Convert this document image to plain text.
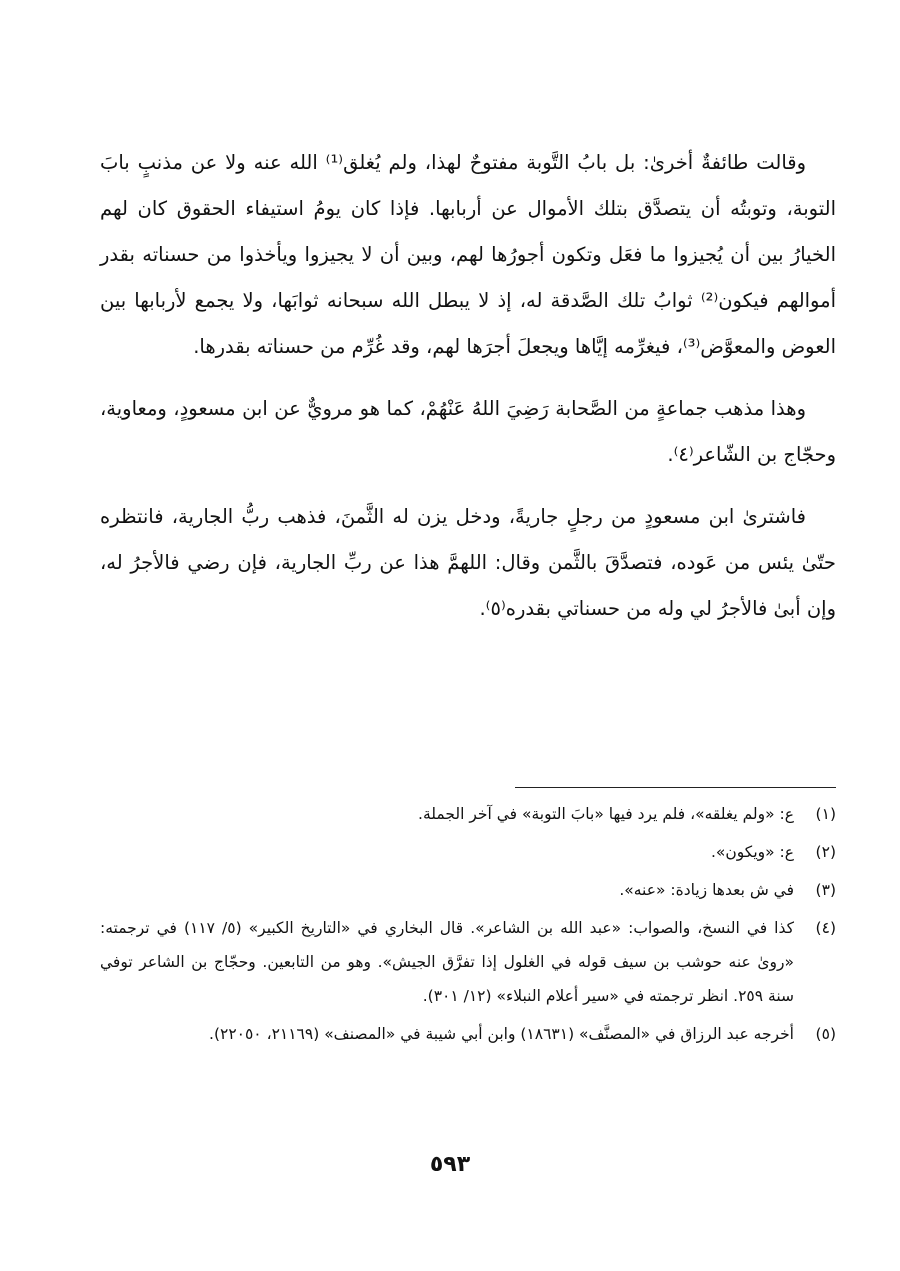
وقالت طائفةٌ أخرىٰ: بل بابُ التَّوبة مفتوحٌ لهذا، ولم يُغلق⁽¹⁾ الله عنه ولا عن مذنبٍ بابَ التوبة، وتوبتُه أن يتصدَّق بتلك الأموال عن أربابها. فإذا كان يومُ استيفاء الحقوق كان لهم الخيارُ بين أن يُجيزوا ما فعَل وتكون أجورُها لهم، وبين أن لا يجيزوا ويأخذوا من حسناته بقدر أموالهم فيكون⁽²⁾ ثوابُ تلك الصَّدقة له، إذ لا يبطل الله سبحانه ثوابَها، ولا يجمع لأربابها بين العوض والمعوَّض⁽³⁾، فيغرِّمه إيَّاها ويجعلَ أجرَها لهم، وقد غُرِّم من حسناته بقدرها.

وهذا مذهب جماعةٍ من الصَّحابة رَضِيَ اللهُ عَنْهُمْ، كما هو مرويٌّ عن ابن مسعودٍ، ومعاوية، وحجّاج بن الشّاعر⁽٤⁾.

فاشترىٰ ابن مسعودٍ من رجلٍ جاريةً، ودخل يزن له الثَّمنَ، فذهب ربُّ الجارية، فانتظره حتّىٰ يئس من عَوده، فتصدَّقَ بالثَّمن وقال: اللهمَّ هذا عن ربِّ الجارية، فإن رضي فالأجرُ له، وإن أبىٰ فالأجرُ لي وله من حسناتي بقدره⁽٥⁾.

(١)
ع: «ولم يغلقه»، فلم يرد فيها «بابَ التوبة» في آخر الجملة.
(٢)
ع: «ويكون».
(٣)
في ش بعدها زيادة: «عنه».
(٤)
كذا في النسخ، والصواب: «عبد الله بن الشاعر». قال البخاري في «التاريخ الكبير» (٥/ ١١٧) في ترجمته: «روىٰ عنه حوشب بن سيف قوله في الغلول إذا تفرَّق الجيش». وهو من التابعين. وحجّاج بن الشاعر توفي سنة ٢٥٩. انظر ترجمته في «سير أعلام النبلاء» (١٢/ ٣٠١).
(٥)
أخرجه عبد الرزاق في «المصنَّف» (١٨٦٣١) وابن أبي شيبة في «المصنف» (٢١١٦٩، ٢٢٠٥٠).
٥٩٣
